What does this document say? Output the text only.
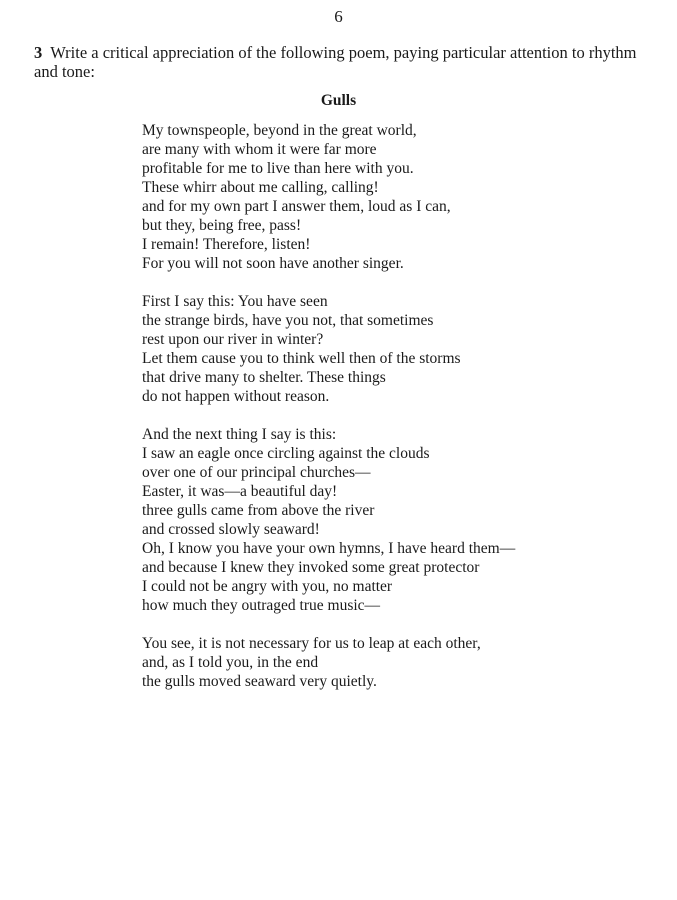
6
3 Write a critical appreciation of the following poem, paying particular attention to rhythm
and tone:
Gulls
My townspeople, beyond in the great world,
are many with whom it were far more
profitable for me to live than here with you.
These whirr about me calling, calling!
and for my own part I answer them, loud as I can,
but they, being free, pass!
I remain! Therefore, listen!
For you will not soon have another singer.
First I say this: You have seen
the strange birds, have you not, that sometimes
rest upon our river in winter?
Let them cause you to think well then of the storms
that drive many to shelter. These things
do not happen without reason.
And the next thing I say is this:
I saw an eagle once circling against the clouds
over one of our principal churches—
Easter, it was—a beautiful day!
three gulls came from above the river
and crossed slowly seaward!
Oh, I know you have your own hymns, I have heard them—
and because I knew they invoked some great protector
I could not be angry with you, no matter
how much they outraged true music—
You see, it is not necessary for us to leap at each other,
and, as I told you, in the end
the gulls moved seaward very quietly.
